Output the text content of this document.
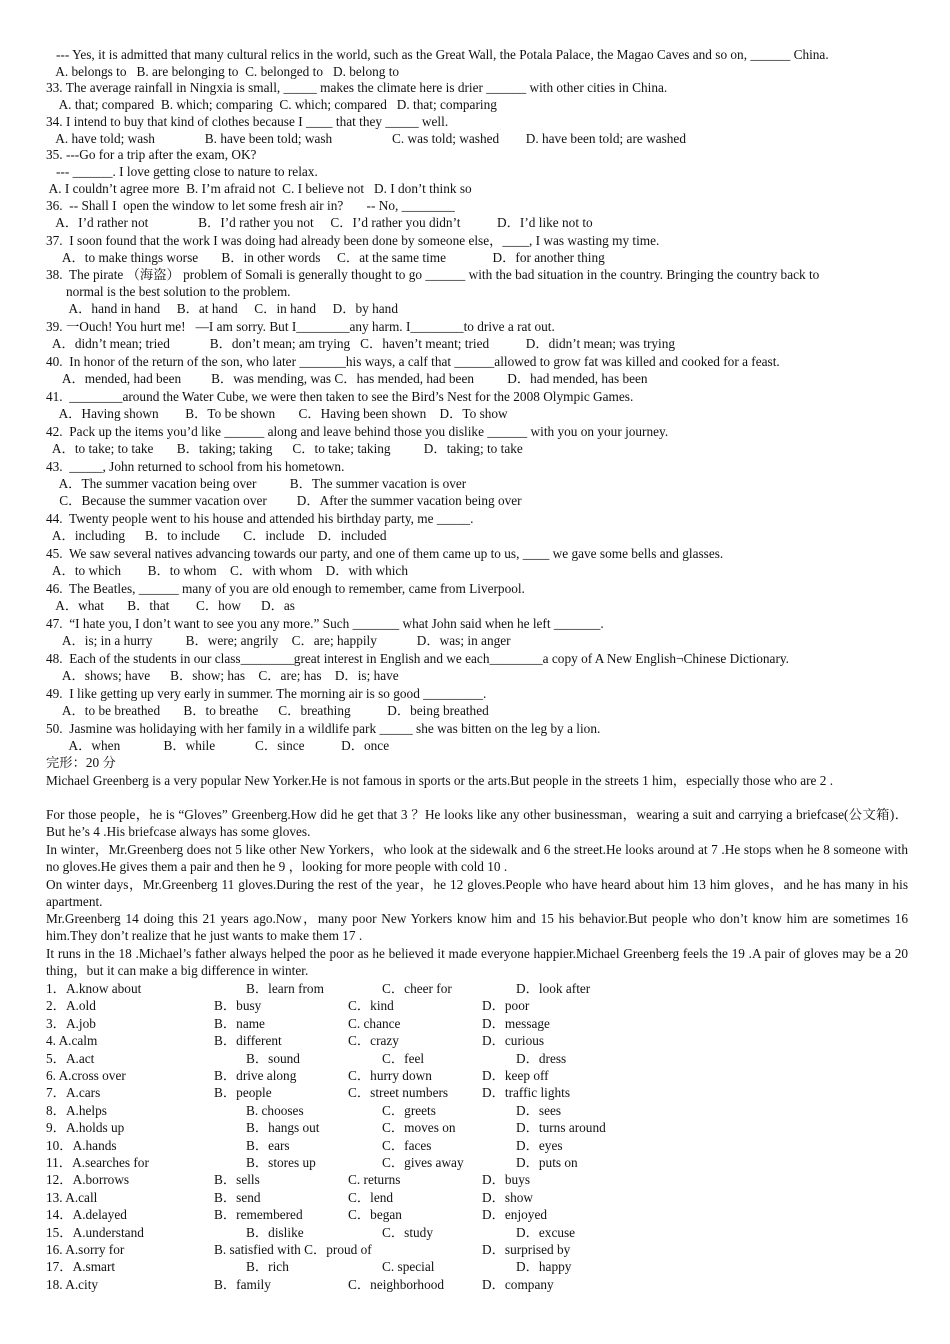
--- Yes, it is admitted that many cultural relics in the world, such as the Great Wall, the Potala Palace, the Magao Caves and so on, ______ China.
A. belongs to   B. are belonging to  C. belonged to   D. belong to
33. The average rainfall in Ningxia is small, _____ makes the climate here is drier ______ with other cities in China.
A. that; compared  B. which; comparing  C. which; compared   D. that; comparing
34. I intend to buy that kind of clothes because I ____ that they _____ well.
A. have told; wash               B. have been told; wash                  C. was told; washed        D. have been told; are washed
35. ---Go for a trip after the exam, OK?
--- ______. I love getting close to nature to relax.
A. I couldn’t agree more  B. I’m afraid not  C. I believe not   D. I don’t think so
36.  -- Shall I  open the window to let some fresh air in?       -- No, ________
A．I’d rather not               B．I’d rather you not     C．I’d rather you didn’t           D．I’d like not to
37.  I soon found that the work I was doing had already been done by someone else，____, I was wasting my time.
A．to make things worse       B．in other words     C．at the same time              D．for another thing
39. 一Ouch! You hurt me!   —I am sorry. But I________any harm. I________to drive a rat out.
A．didn’t mean; tried            B．don’t mean; am trying   C．haven’t meant; tried           D．didn’t mean; was trying
40.  In honor of the return of the son, who later _______his ways, a calf that ______allowed to grow fat was killed and cooked for a feast.
A．mended, had been         B．was mending, was C．has mended, had been          D．had mended, has been
41.  ________around the Water Cube, we were then taken to see the Bird’s Nest for the 2008 Olympic Games.
A．Having shown        B．To be shown       C．Having been shown    D．To show
42.  Pack up the items you’d like ______ along and leave behind those you dislike ______ with you on your journey.
A．to take; to take       B．taking; taking      C．to take; taking          D．taking; to take
43.  _____, John returned to school from his hometown.
A．The summer vacation being over          B．The summer vacation is over
C．Because the summer vacation over         D．After the summer vacation being over
44.  Twenty people went to his house and attended his birthday party, me _____.
A．including      B．to include       C．include    D．included
45.  We saw several natives advancing towards our party, and one of them came up to us, ____ we gave some bells and glasses.
A．to which        B．to whom    C．with whom    D．with which
46.  The Beatles, ______ many of you are old enough to remember, came from Liverpool.
A．what       B．that        C．how      D．as
47.  “I hate you, I don’t want to see you any more.” Such _______ what John said when he left _______.
A．is; in a hurry          B．were; angrily    C．are; happily            D．was; in anger
48.  Each of the students in our class________great interest in English and we each________a copy of A New English¬Chinese Dictionary.
A．shows; have      B．show; has    C．are; has    D．is; have
49.  I like getting up very early in summer. The morning air is so good _________.
A．to be breathed       B．to breathe      C．breathing           D．being breathed
50.  Jasmine was holidaying with her family in a wildlife park _____ she was bitten on the leg by a lion.
A．when             B．while            C．since           D．once
38.  The pirate （海盗） problem of Somali is generally thought to go ______ with the bad situation in the country. Bringing the country back to
normal is the best solution to the problem.
A．hand in hand     B．at hand     C．in hand     D．by hand
完形：20 分
Michael Greenberg is a very popular New Yorker.He is not famous in sports or the arts.But people in the streets 1 him，especially those who are 2 .
For those people，he is “Gloves” Greenberg.How did he get that 3 ？He looks like any other businessman，wearing a suit and carrying a briefcase(公文箱)．But he’s 4 .His briefcase always has some gloves.
In winter，Mr.Greenberg does not 5 like other New Yorkers，who look at the sidewalk and 6 the street.He looks around at 7 .He stops when he 8 someone with no gloves.He gives them a pair and then he 9 ，looking for more people with cold 10 .
On winter days，Mr.Greenberg 11 gloves.During the rest of the year，he 12 gloves.People who have heard about him 13 him gloves，and he has many in his apartment.
Mr.Greenberg 14 doing this 21 years ago.Now，many poor New Yorkers know him and 15 his behavior.But people who don’t know him are sometimes 16 him.They don’t realize that he just wants to make them 17 .
It runs in the 18 .Michael’s father always helped the poor as he believed it made everyone happier.Michael Greenberg feels the 19 .A pair of gloves may be a 20 thing，but it can make a big difference in winter.
1．A.know about	B．learn from	C．cheer for	D．look after
2．A.old	B．busy	C．kind	D．poor
3．A.job	B．name	C. chance	D．message
4. A.calm	B．different	C．crazy	D．curious
5．A.act	B．sound	C．feel	D．dress
6. A.cross over	B．drive along	C．hurry down	D．keep off
7．A.cars	B．people	C．street numbers	D．traffic lights
8．A.helps	B. chooses	C．greets	D．sees
9．A.holds up	B．hangs out	C．moves on	D．turns around
10．A.hands	B．ears	C．faces	D．eyes
11．A.searches for	B．stores up	C．gives away	D．puts on
12．A.borrows	B．sells	C. returns	D．buys
13. A.call	B．send	C．lend	D．show
14．A.delayed	B．remembered	C．began	D．enjoyed
15．A.understand	B．dislike	C．study	D．excuse
16. A.sorry for	B. satisfied with C．proud of	D．surprised by
17．A.smart	B．rich	C. special	D．happy
18. A.city	B．family	C．neighborhood	D．company
